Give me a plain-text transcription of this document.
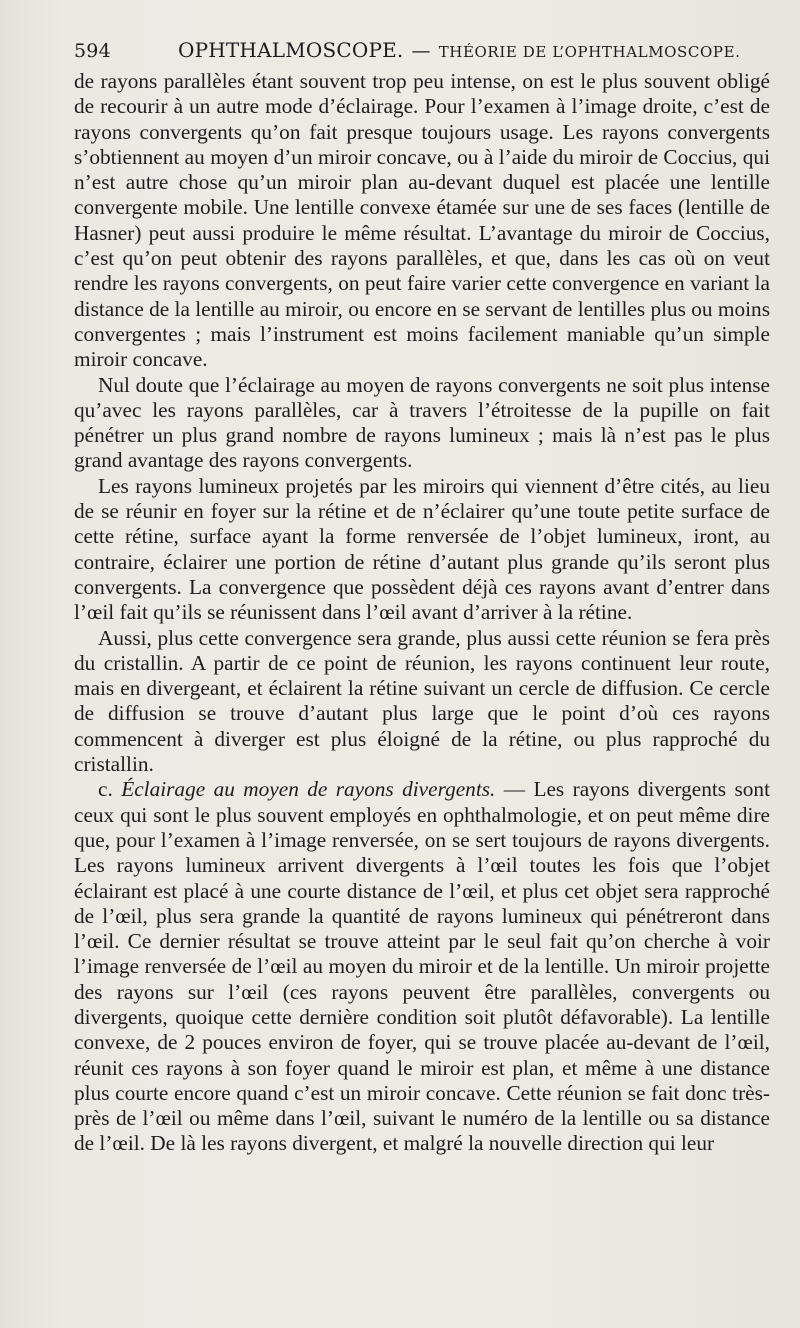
594	OPHTHALMOSCOPE. — THÉORIE DE L’OPHTHALMOSCOPE.

de rayons parallèles étant souvent trop peu intense, on est le plus souvent obligé de recourir à un autre mode d’éclairage. Pour l’examen à l’image droite, c’est de rayons convergents qu’on fait presque toujours usage. Les rayons convergents s’obtiennent au moyen d’un miroir concave, ou à l’aide du miroir de Coccius, qui n’est autre chose qu’un miroir plan au-devant duquel est placée une lentille convergente mobile. Une lentille convexe étamée sur une de ses faces (lentille de Hasner) peut aussi produire le même résultat. L’avantage du miroir de Coccius, c’est qu’on peut obtenir des rayons parallèles, et que, dans les cas où on veut rendre les rayons convergents, on peut faire varier cette convergence en variant la distance de la lentille au miroir, ou encore en se servant de lentilles plus ou moins convergentes ; mais l’instrument est moins facilement maniable qu’un simple miroir concave.

Nul doute que l’éclairage au moyen de rayons convergents ne soit plus intense qu’avec les rayons parallèles, car à travers l’étroitesse de la pupille on fait pénétrer un plus grand nombre de rayons lumineux ; mais là n’est pas le plus grand avantage des rayons convergents.

Les rayons lumineux projetés par les miroirs qui viennent d’être cités, au lieu de se réunir en foyer sur la rétine et de n’éclairer qu’une toute petite surface de cette rétine, surface ayant la forme renversée de l’objet lumineux, iront, au contraire, éclairer une portion de rétine d’autant plus grande qu’ils seront plus convergents. La convergence que possèdent déjà ces rayons avant d’entrer dans l’œil fait qu’ils se réunissent dans l’œil avant d’arriver à la rétine.

Aussi, plus cette convergence sera grande, plus aussi cette réunion se fera près du cristallin. A partir de ce point de réunion, les rayons continuent leur route, mais en divergeant, et éclairent la rétine suivant un cercle de diffusion. Ce cercle de diffusion se trouve d’autant plus large que le point d’où ces rayons commencent à diverger est plus éloigné de la rétine, ou plus rapproché du cristallin.

c. Éclairage au moyen de rayons divergents. — Les rayons divergents sont ceux qui sont le plus souvent employés en ophthalmologie, et on peut même dire que, pour l’examen à l’image renversée, on se sert toujours de rayons divergents. Les rayons lumineux arrivent divergents à l’œil toutes les fois que l’objet éclairant est placé à une courte distance de l’œil, et plus cet objet sera rapproché de l’œil, plus sera grande la quantité de rayons lumineux qui pénétreront dans l’œil. Ce dernier résultat se trouve atteint par le seul fait qu’on cherche à voir l’image renversée de l’œil au moyen du miroir et de la lentille. Un miroir projette des rayons sur l’œil (ces rayons peuvent être parallèles, convergents ou divergents, quoique cette dernière condition soit plutôt défavorable). La lentille convexe, de 2 pouces environ de foyer, qui se trouve placée au-devant de l’œil, réunit ces rayons à son foyer quand le miroir est plan, et même à une distance plus courte encore quand c’est un miroir concave. Cette réunion se fait donc très-près de l’œil ou même dans l’œil, suivant le numéro de la lentille ou sa distance de l’œil. De là les rayons divergent, et malgré la nouvelle direction qui leur
